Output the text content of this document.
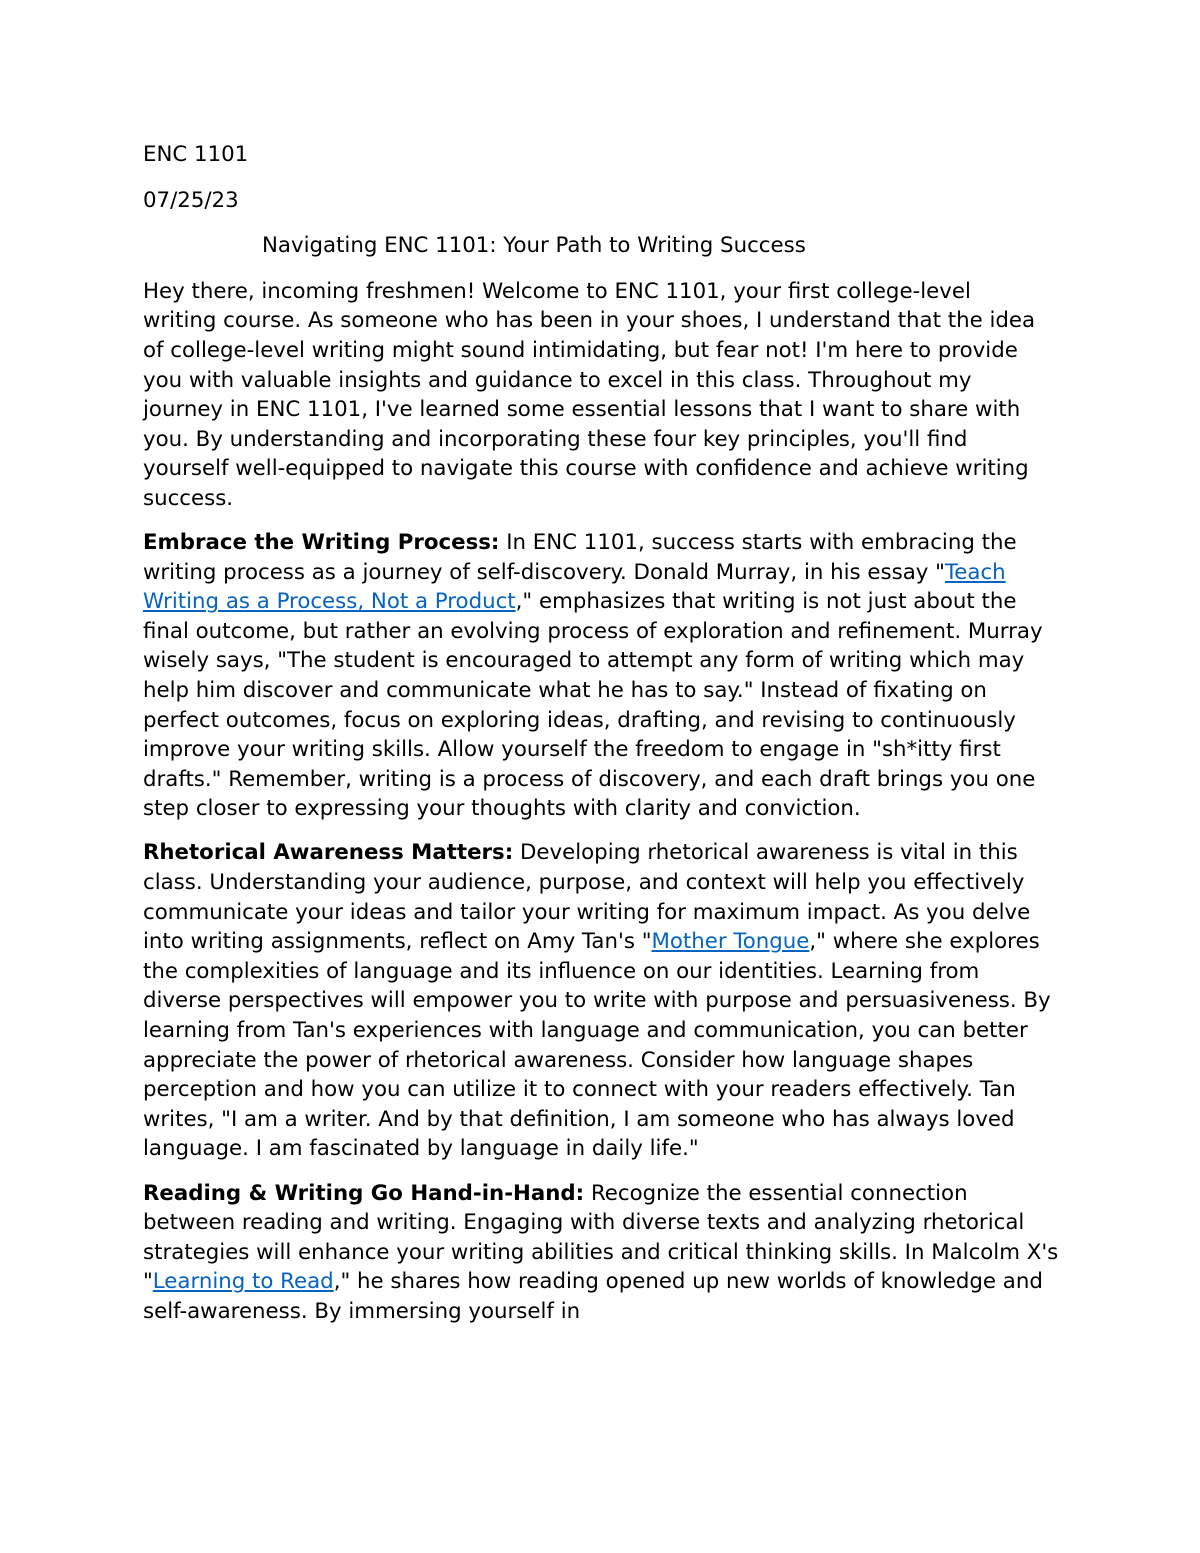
ENC 1101
07/25/23
Navigating ENC 1101: Your Path to Writing Success

Hey there, incoming freshmen! Welcome to ENC 1101, your first college-level writing course. As someone who has been in your shoes, I understand that the idea of college-level writing might sound intimidating, but fear not! I'm here to provide you with valuable insights and guidance to excel in this class. Throughout my journey in ENC 1101, I've learned some essential lessons that I want to share with you. By understanding and incorporating these four key principles, you'll find yourself well-equipped to navigate this course with confidence and achieve writing success.

Embrace the Writing Process: In ENC 1101, success starts with embracing the writing process as a journey of self-discovery. Donald Murray, in his essay "Teach Writing as a Process, Not a Product," emphasizes that writing is not just about the final outcome, but rather an evolving process of exploration and refinement. Murray wisely says, "The student is encouraged to attempt any form of writing which may help him discover and communicate what he has to say." Instead of fixating on perfect outcomes, focus on exploring ideas, drafting, and revising to continuously improve your writing skills. Allow yourself the freedom to engage in "sh*itty first drafts." Remember, writing is a process of discovery, and each draft brings you one step closer to expressing your thoughts with clarity and conviction.

Rhetorical Awareness Matters: Developing rhetorical awareness is vital in this class. Understanding your audience, purpose, and context will help you effectively communicate your ideas and tailor your writing for maximum impact. As you delve into writing assignments, reflect on Amy Tan's "Mother Tongue," where she explores the complexities of language and its influence on our identities. Learning from diverse perspectives will empower you to write with purpose and persuasiveness. By learning from Tan's experiences with language and communication, you can better appreciate the power of rhetorical awareness. Consider how language shapes perception and how you can utilize it to connect with your readers effectively. Tan writes, "I am a writer. And by that definition, I am someone who has always loved language. I am fascinated by language in daily life."

Reading & Writing Go Hand-in-Hand: Recognize the essential connection between reading and writing. Engaging with diverse texts and analyzing rhetorical strategies will enhance your writing abilities and critical thinking skills. In Malcolm X's "Learning to Read," he shares how reading opened up new worlds of knowledge and self-awareness. By immersing yourself in
